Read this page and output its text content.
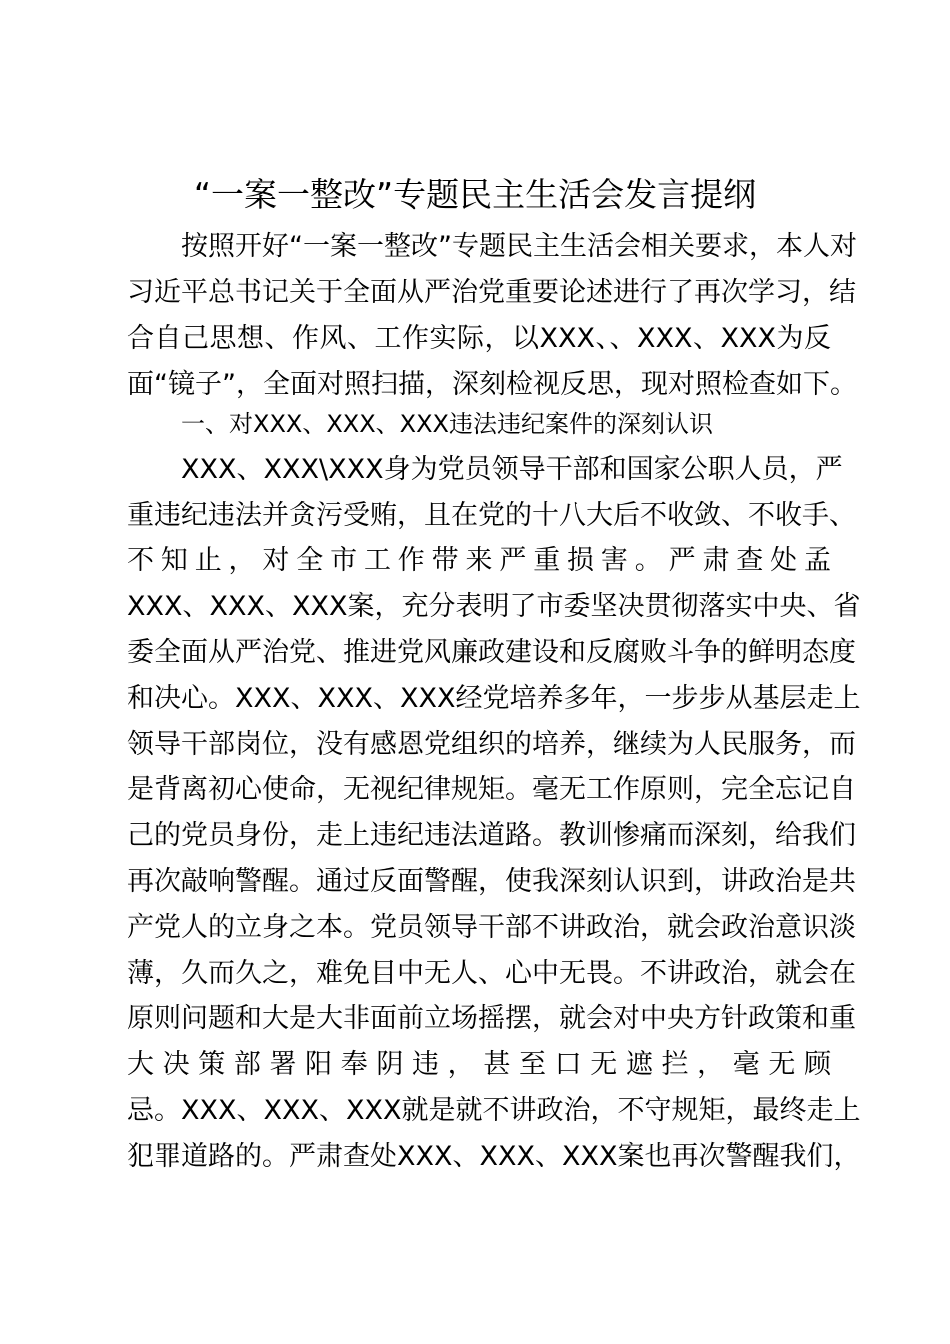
“一案一整改”专题民主生活会发言提纲
按照开好“一案一整改”专题民主生活会相关要求，本人对
习近平总书记关于全面从严治党重要论述进行了再次学习，结
合自己思想、作风、工作实际，以XXX、、XXX、XXX为反
面“镜子”，全面对照扫描，深刻检视反思，现对照检查如下。
一、对XXX、XXX、XXX违法违纪案件的深刻认识
XXX、XXX\XXX身为党员领导干部和国家公职人员，严
重违纪违法并贪污受贿，且在党的十八大后不收敛、不收手、
不知止，对全市工作带来严重损害。严肃查处孟
XXX、XXX、XXX案，充分表明了市委坚决贯彻落实中央、省
委全面从严治党、推进党风廉政建设和反腐败斗争的鲜明态度
和决心。XXX、XXX、XXX经党培养多年，一步步从基层走上
领导干部岗位，没有感恩党组织的培养，继续为人民服务，而
是背离初心使命，无视纪律规矩。毫无工作原则，完全忘记自
己的党员身份，走上违纪违法道路。教训惨痛而深刻，给我们
再次敲响警醒。通过反面警醒，使我深刻认识到，讲政治是共
产党人的立身之本。党员领导干部不讲政治，就会政治意识淡
薄，久而久之，难免目中无人、心中无畏。不讲政治，就会在
原则问题和大是大非面前立场摇摆，就会对中央方针政策和重
大决策部署阳奉阴违，甚至口无遮拦，毫无顾
忌。XXX、XXX、XXX就是就不讲政治，不守规矩，最终走上
犯罪道路的。严肃查处XXX、XXX、XXX案也再次警醒我们，
